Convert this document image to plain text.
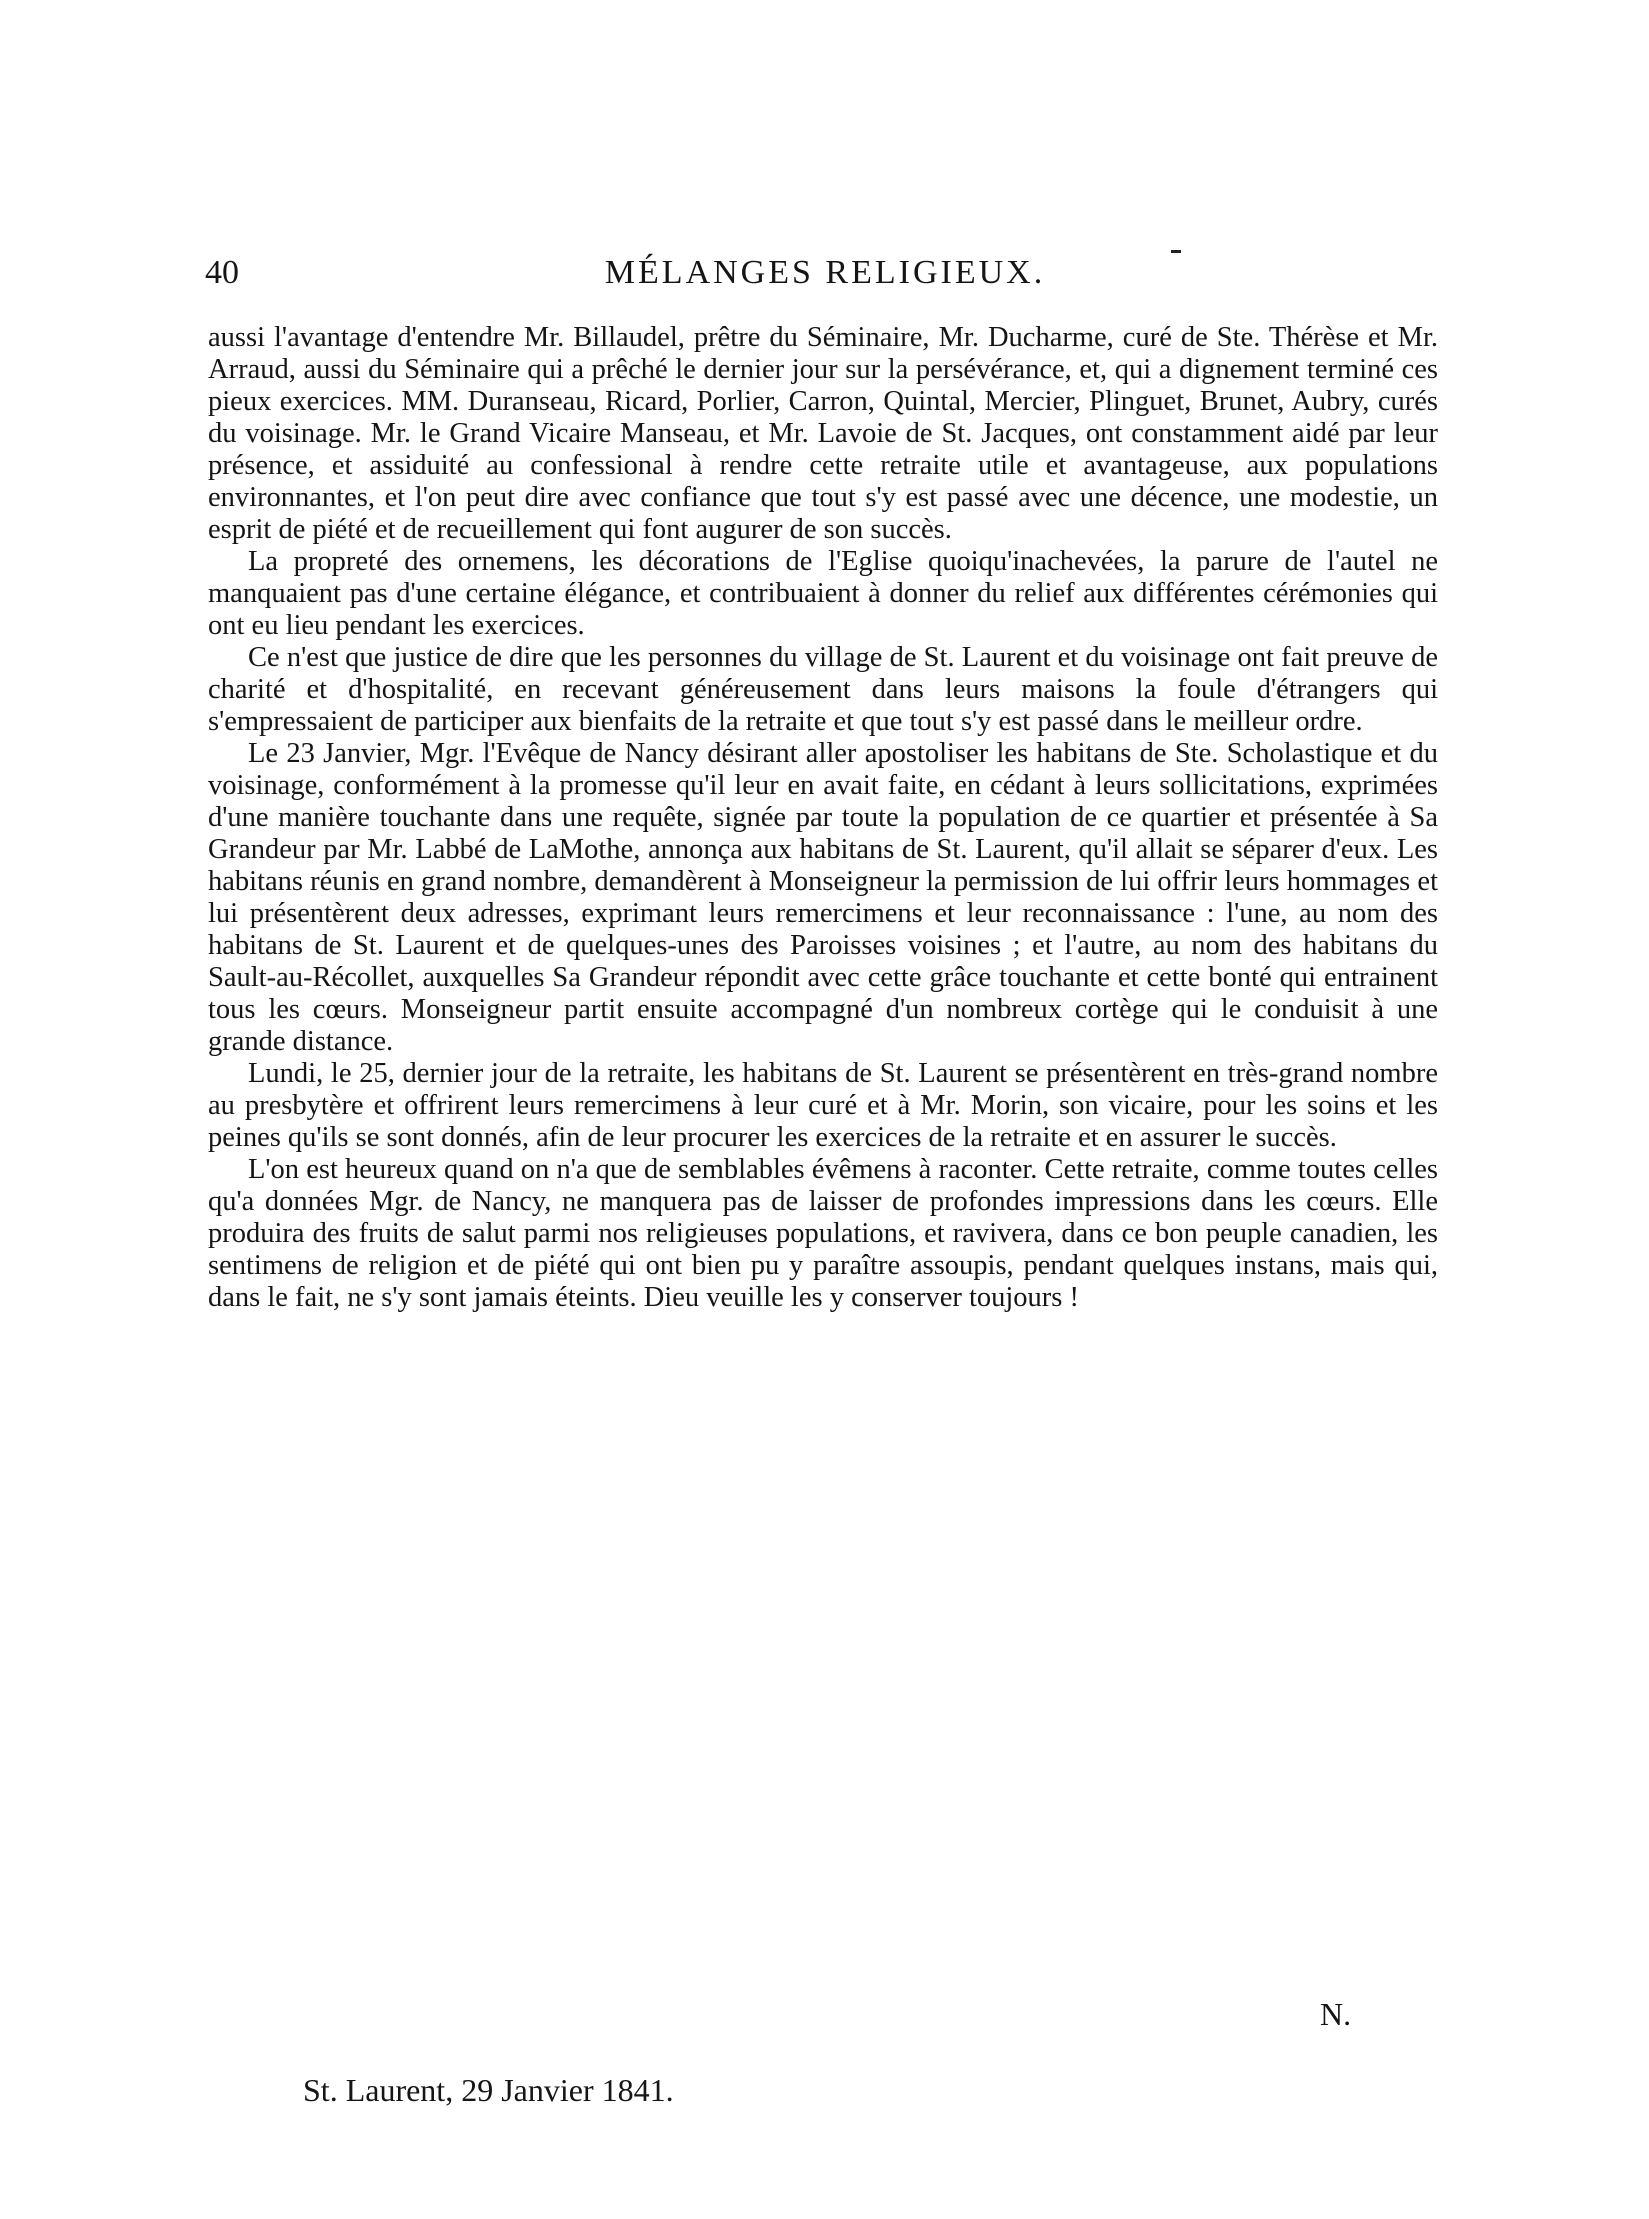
40	MÉLANGES RELIGIEUX.

aussi l'avantage d'entendre Mr. Billaudel, prêtre du Séminaire, Mr. Ducharme, curé de Ste. Thérèse et Mr. Arraud, aussi du Séminaire qui a prêché le dernier jour sur la persévérance, et, qui a dignement terminé ces pieux exercices. MM. Duranseau, Ricard, Porlier, Carron, Quintal, Mercier, Plinguet, Brunet, Aubry, curés du voisinage. Mr. le Grand Vicaire Manseau, et Mr. Lavoie de St. Jacques, ont constamment aidé par leur présence, et assiduité au confessional à rendre cette retraite utile et avantageuse, aux populations environnantes, et l'on peut dire avec confiance que tout s'y est passé avec une décence, une modestie, un esprit de piété et de recueillement qui font augurer de son succès.

La propreté des ornemens, les décorations de l'Eglise quoiqu'inachevées, la parure de l'autel ne manquaient pas d'une certaine élégance, et contribuaient à donner du relief aux différentes cérémonies qui ont eu lieu pendant les exercices.

Ce n'est que justice de dire que les personnes du village de St. Laurent et du voisinage ont fait preuve de charité et d'hospitalité, en recevant généreusement dans leurs maisons la foule d'étrangers qui s'empressaient de participer aux bienfaits de la retraite et que tout s'y est passé dans le meilleur ordre.

Le 23 Janvier, Mgr. l'Evêque de Nancy désirant aller apostoliser les habitans de Ste. Scholastique et du voisinage, conformément à la promesse qu'il leur en avait faite, en cédant à leurs sollicitations, exprimées d'une manière touchante dans une requête, signée par toute la population de ce quartier et présentée à Sa Grandeur par Mr. Labbé de LaMothe, annonça aux habitans de St. Laurent, qu'il allait se séparer d'eux. Les habitans réunis en grand nombre, demandèrent à Monseigneur la permission de lui offrir leurs hommages et lui présentèrent deux adresses, exprimant leurs remercimens et leur reconnaissance : l'une, au nom des habitans de St. Laurent et de quelques-unes des Paroisses voisines ; et l'autre, au nom des habitans du Sault-au-Récollet, auxquelles Sa Grandeur répondit avec cette grâce touchante et cette bonté qui entrainent tous les cœurs. Monseigneur partit ensuite accompagné d'un nombreux cortège qui le conduisit à une grande distance.

Lundi, le 25, dernier jour de la retraite, les habitans de St. Laurent se présentèrent en très-grand nombre au presbytère et offrirent leurs remercimens à leur curé et à Mr. Morin, son vicaire, pour les soins et les peines qu'ils se sont donnés, afin de leur procurer les exercices de la retraite et en assurer le succès.

L'on est heureux quand on n'a que de semblables évêmens à raconter. Cette retraite, comme toutes celles qu'a données Mgr. de Nancy, ne manquera pas de laisser de profondes impressions dans les cœurs. Elle produira des fruits de salut parmi nos religieuses populations, et ravivera, dans ce bon peuple canadien, les sentimens de religion et de piété qui ont bien pu y paraître assoupis, pendant quelques instans, mais qui, dans le fait, ne s'y sont jamais éteints. Dieu veuille les y conserver toujours !

N.
St. Laurent, 29 Janvier 1841.
